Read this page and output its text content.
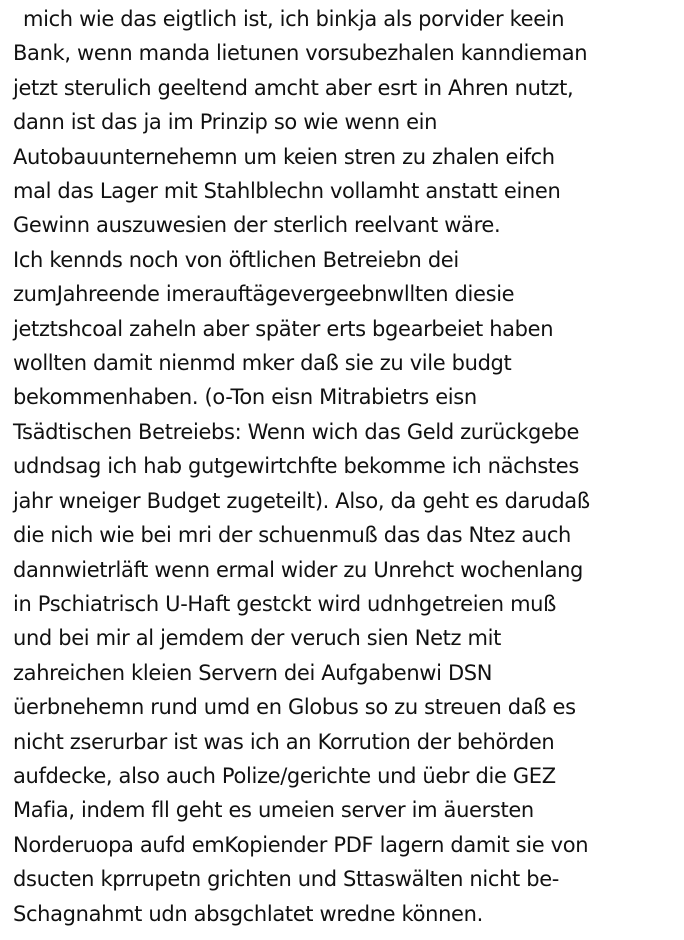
mich wie das eigtlich ist, ich binkja als porvider keein
Bank, wenn manda lietunen vorsubezhalen kanndieman
jetzt sterulich geeltend amcht aber esrt in Ahren nutzt,
dann ist das ja im Prinzip so wie wenn ein
Autobauunternehemn um keien stren zu zhalen eifch
mal das Lager mit Stahlblechn vollamht anstatt einen
Gewinn auszuwesien der sterlich reelvant wäre.
Ich kennds noch von öftlichen Betreiebn dei
zumJahreende imerauftägevergeebnwllten diesie
jetztshcoal zaheln aber später erts bgearbeiet haben
wollten damit nienmd mker daß sie zu vile budgt
bekommenhaben. (o-Ton eisn Mitrabietrs eisn
Tsädtischen Betreiebs: Wenn wich das Geld zurückgebe
udndsag ich hab gutgewirtchfte bekomme ich nächstes
jahr wneiger Budget zugeteilt). Also, da geht es darudaß
die nich wie bei mri der schuenmuß das das Ntez auch
dannwietrläft wenn ermal wider zu Unrehct wochenlang
in Pschiatrisch U-Haft gestckt wird udnhgetreien muß
und bei mir al jemdem der veruch sien Netz mit
zahreichen kleien Servern dei Aufgabenwi DSN
üerbnehemn rund umd en Globus so zu streuen daß es
nicht zserurbar ist was ich an Korrution der behörden
aufdecke, also auch Polize/gerichte und üebr die GEZ
Mafia, indem fll geht es umeien server im äuersten
Norderuopa aufd emKopiender PDF lagern damit sie von
dsucten kprrupetn grichten und Sttaswälten nicht be-
Schagnahmt udn absgchlatet wredne können.
